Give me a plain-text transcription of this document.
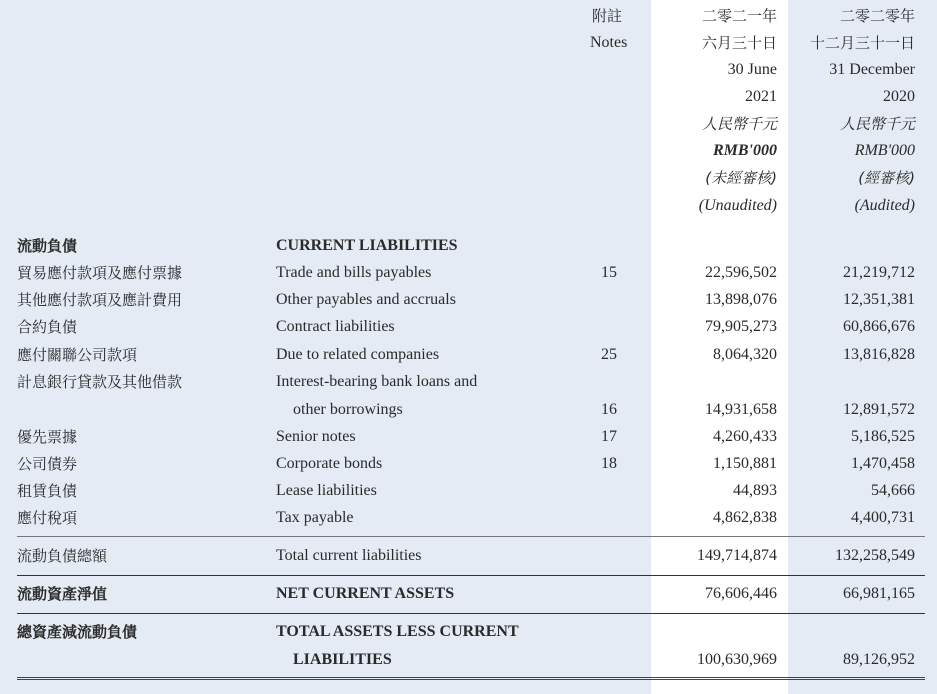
附註
Notes
二零二一年
六月三十日
30 June
2021
人民幣千元
RMB'000
(未經審核)
(Unaudited)
二零二零年
十二月三十一日
31 December
2020
人民幣千元
RMB'000
(經審核)
(Audited)
流動負債	CURRENT LIABILITIES
貿易應付款項及應付票據	Trade and bills payables	15	22,596,502	21,219,712
其他應付款項及應計費用	Other payables and accruals	13,898,076	12,351,381
合約負債	Contract liabilities	79,905,273	60,866,676
應付關聯公司款項	Due to related companies	25	8,064,320	13,816,828
計息銀行貸款及其他借款	Interest-bearing bank loans and
other borrowings	16	14,931,658	12,891,572
優先票據	Senior notes	17	4,260,433	5,186,525
公司債券	Corporate bonds	18	1,150,881	1,470,458
租賃負債	Lease liabilities	44,893	54,666
應付稅項	Tax payable	4,862,838	4,400,731
流動負債總額	Total current liabilities	149,714,874	132,258,549
流動資產淨值	NET CURRENT ASSETS	76,606,446	66,981,165
總資產減流動負債	TOTAL ASSETS LESS CURRENT
LIABILITIES	100,630,969	89,126,952
